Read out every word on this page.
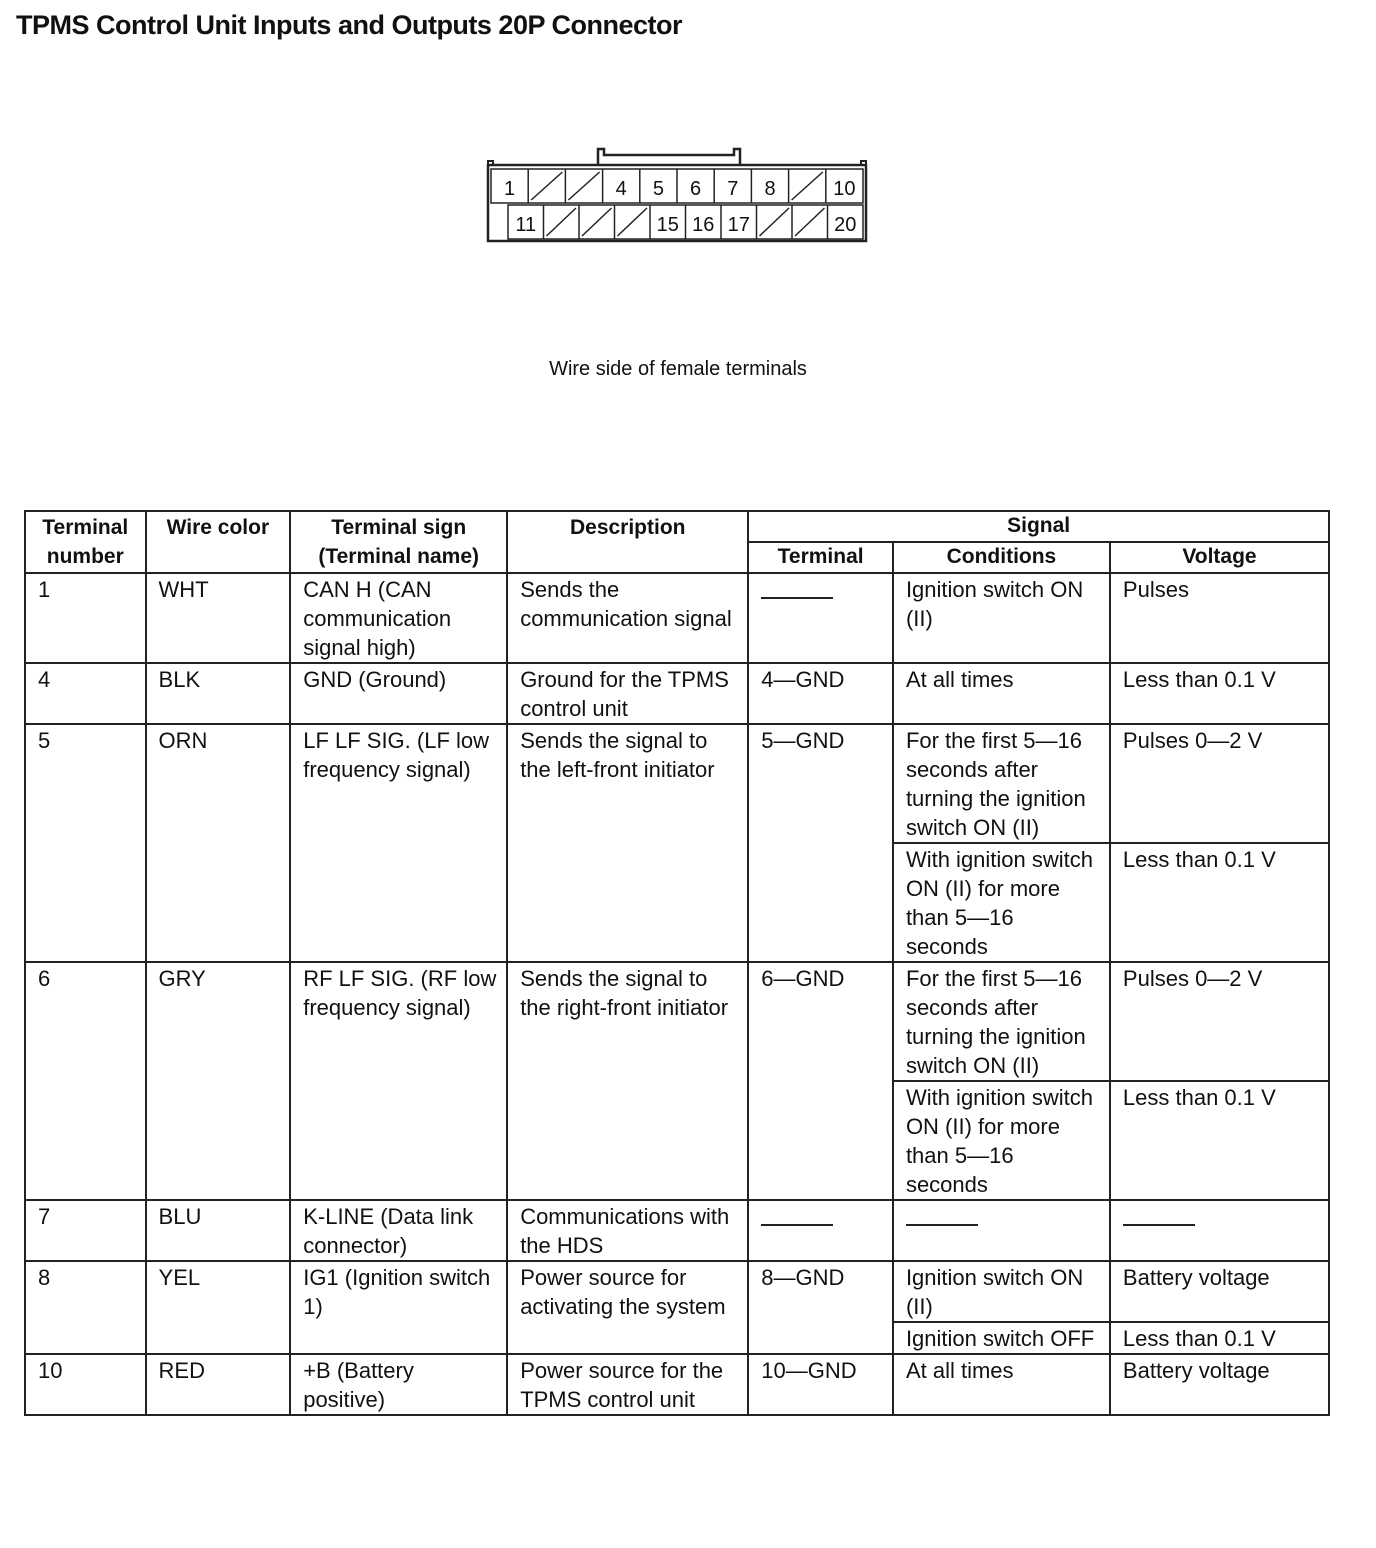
TPMS Control Unit Inputs and Outputs 20P Connector
1	4 5 6 7 8	10
11	15 16 17	20
Wire side of female terminals
Terminal number	Wire color	Terminal sign (Terminal name)	Description	Signal		
				Terminal	Conditions	Voltage
1	WHT	CAN H (CAN communication signal high)	Sends the communication signal		Ignition switch ON (II)	Pulses
4	BLK	GND (Ground)	Ground for the TPMS control unit	4—GND	At all times	Less than 0.1 V
5	ORN	LF LF SIG. (LF low frequency signal)	Sends the signal to the left-front initiator	5—GND	For the first 5—16 seconds after turning the ignition switch ON (II)	Pulses 0—2 V
					With ignition switch ON (II) for more than 5—16 seconds	Less than 0.1 V
6	GRY	RF LF SIG. (RF low frequency signal)	Sends the signal to the right-front initiator	6—GND	For the first 5—16 seconds after turning the ignition switch ON (II)	Pulses 0—2 V
					With ignition switch ON (II) for more than 5—16 seconds	Less than 0.1 V
7	BLU	K-LINE (Data link connector)	Communications with the HDS			
8	YEL	IG1 (Ignition switch 1)	Power source for activating the system	8—GND	Ignition switch ON (II)	Battery voltage
					Ignition switch OFF	Less than 0.1 V
10	RED	+B (Battery positive)	Power source for the TPMS control unit	10—GND	At all times	Battery voltage
